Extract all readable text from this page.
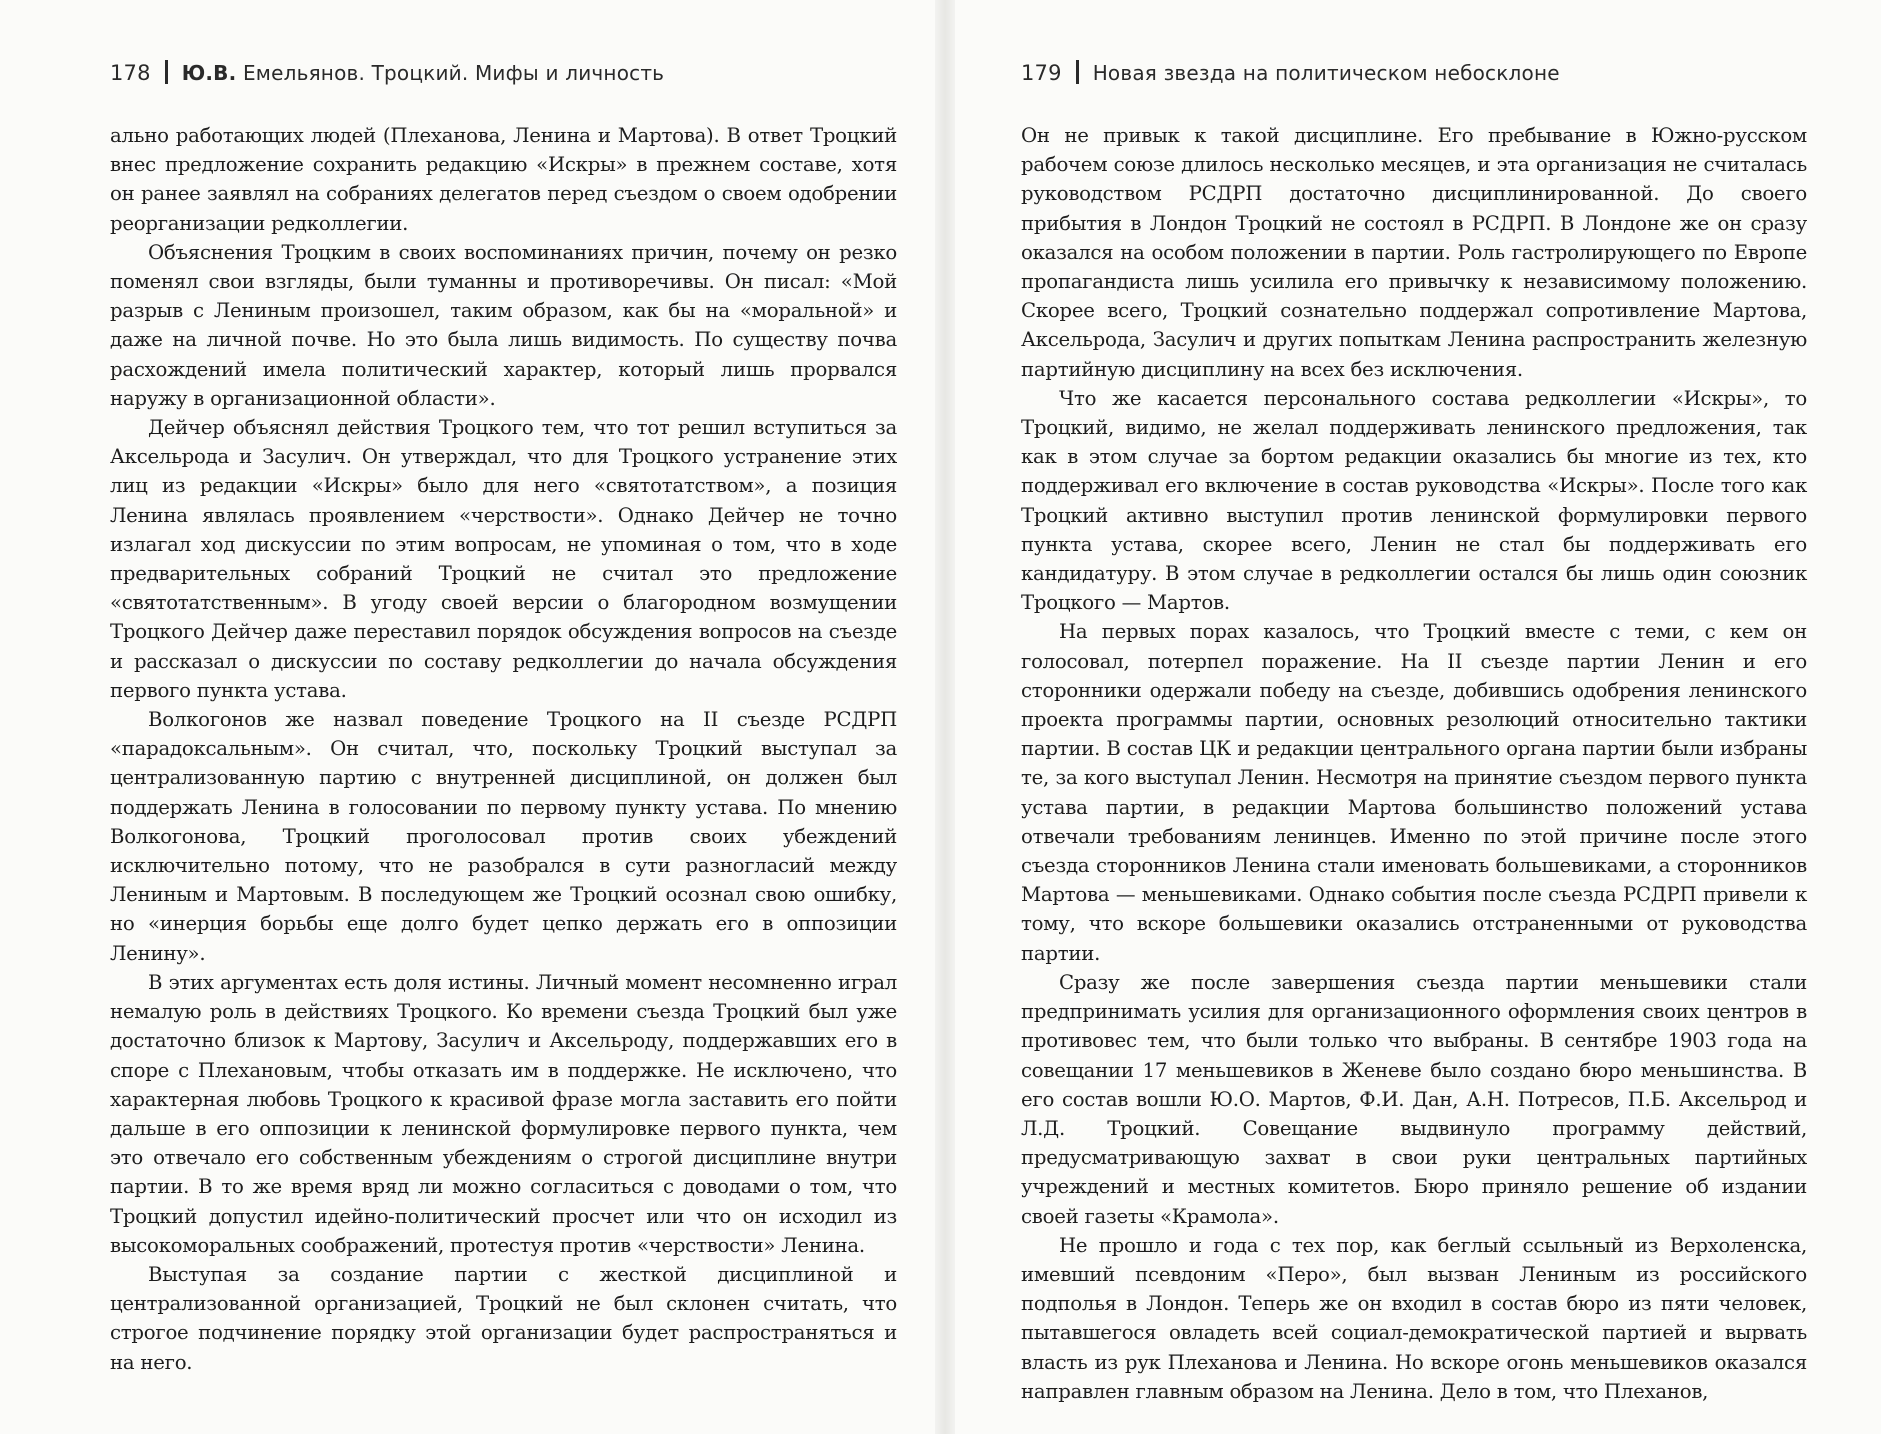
178 Ю.В. Емельянов. Троцкий. Мифы и личность

ально работающих людей (Плеханова, Ленина и Мартова). В ответ Троцкий внес предложение сохранить редакцию «Искры» в прежнем составе, хотя он ранее заявлял на собраниях делегатов перед съездом о своем одобрении реорганизации редколлегии.

Объяснения Троцким в своих воспоминаниях причин, почему он резко поменял свои взгляды, были туманны и противоречивы. Он писал: «Мой разрыв с Лениным произошел, таким образом, как бы на «моральной» и даже на личной почве. Но это была лишь видимость. По существу почва расхождений имела политический характер, который лишь прорвался наружу в организационной области».

Дейчер объяснял действия Троцкого тем, что тот решил вступиться за Аксельрода и Засулич. Он утверждал, что для Троцкого устранение этих лиц из редакции «Искры» было для него «святотатством», а позиция Ленина являлась проявлением «черствости». Однако Дейчер не точно излагал ход дискуссии по этим вопросам, не упоминая о том, что в ходе предварительных собраний Троцкий не считал это предложение «святотатственным». В угоду своей версии о благородном возмущении Троцкого Дейчер даже переставил порядок обсуждения вопросов на съезде и рассказал о дискуссии по составу редколлегии до начала обсуждения первого пункта устава.

Волкогонов же назвал поведение Троцкого на II съезде РСДРП «парадоксальным». Он считал, что, поскольку Троцкий выступал за централизованную партию с внутренней дисциплиной, он должен был поддержать Ленина в голосовании по первому пункту устава. По мнению Волкогонова, Троцкий проголосовал против своих убеждений исключительно потому, что не разобрался в сути разногласий между Лениным и Мартовым. В последующем же Троцкий осознал свою ошибку, но «инерция борьбы еще долго будет цепко держать его в оппозиции Ленину».

В этих аргументах есть доля истины. Личный момент несомненно играл немалую роль в действиях Троцкого. Ко времени съезда Троцкий был уже достаточно близок к Мартову, Засулич и Аксельроду, поддержавших его в споре с Плехановым, чтобы отказать им в поддержке. Не исключено, что характерная любовь Троцкого к красивой фразе могла заставить его пойти дальше в его оппозиции к ленинской формулировке первого пункта, чем это отвечало его собственным убеждениям о строгой дисциплине внутри партии. В то же время вряд ли можно согласиться с доводами о том, что Троцкий допустил идейно-политический просчет или что он исходил из высокоморальных соображений, протестуя против «черствости» Ленина.

Выступая за создание партии с жесткой дисциплиной и централизованной организацией, Троцкий не был склонен считать, что строгое подчинение порядку этой организации будет распространяться и на него.

179 Новая звезда на политическом небосклоне

Он не привык к такой дисциплине. Его пребывание в Южно-русском рабочем союзе длилось несколько месяцев, и эта организация не считалась руководством РСДРП достаточно дисциплинированной. До своего прибытия в Лондон Троцкий не состоял в РСДРП. В Лондоне же он сразу оказался на особом положении в партии. Роль гастролирующего по Европе пропагандиста лишь усилила его привычку к независимому положению. Скорее всего, Троцкий сознательно поддержал сопротивление Мартова, Аксельрода, Засулич и других попыткам Ленина распространить железную партийную дисциплину на всех без исключения.

Что же касается персонального состава редколлегии «Искры», то Троцкий, видимо, не желал поддерживать ленинского предложения, так как в этом случае за бортом редакции оказались бы многие из тех, кто поддерживал его включение в состав руководства «Искры». После того как Троцкий активно выступил против ленинской формулировки первого пункта устава, скорее всего, Ленин не стал бы поддерживать его кандидатуру. В этом случае в редколлегии остался бы лишь один союзник Троцкого — Мартов.

На первых порах казалось, что Троцкий вместе с теми, с кем он голосовал, потерпел поражение. На II съезде партии Ленин и его сторонники одержали победу на съезде, добившись одобрения ленинского проекта программы партии, основных резолюций относительно тактики партии. В состав ЦК и редакции центрального органа партии были избраны те, за кого выступал Ленин. Несмотря на принятие съездом первого пункта устава партии, в редакции Мартова большинство положений устава отвечали требованиям ленинцев. Именно по этой причине после этого съезда сторонников Ленина стали именовать большевиками, а сторонников Мартова — меньшевиками. Однако события после съезда РСДРП привели к тому, что вскоре большевики оказались отстраненными от руководства партии.

Сразу же после завершения съезда партии меньшевики стали предпринимать усилия для организационного оформления своих центров в противовес тем, что были только что выбраны. В сентябре 1903 года на совещании 17 меньшевиков в Женеве было создано бюро меньшинства. В его состав вошли Ю.О. Мартов, Ф.И. Дан, А.Н. Потресов, П.Б. Аксельрод и Л.Д. Троцкий. Совещание выдвинуло программу действий, предусматривающую захват в свои руки центральных партийных учреждений и местных комитетов. Бюро приняло решение об издании своей газеты «Крамола».

Не прошло и года с тех пор, как беглый ссыльный из Верхоленска, имевший псевдоним «Перо», был вызван Лениным из российского подполья в Лондон. Теперь же он входил в состав бюро из пяти человек, пытавшегося овладеть всей социал-демократической партией и вырвать власть из рук Плеханова и Ленина. Но вскоре огонь меньшевиков оказался направлен главным образом на Ленина. Дело в том, что Плеханов,
